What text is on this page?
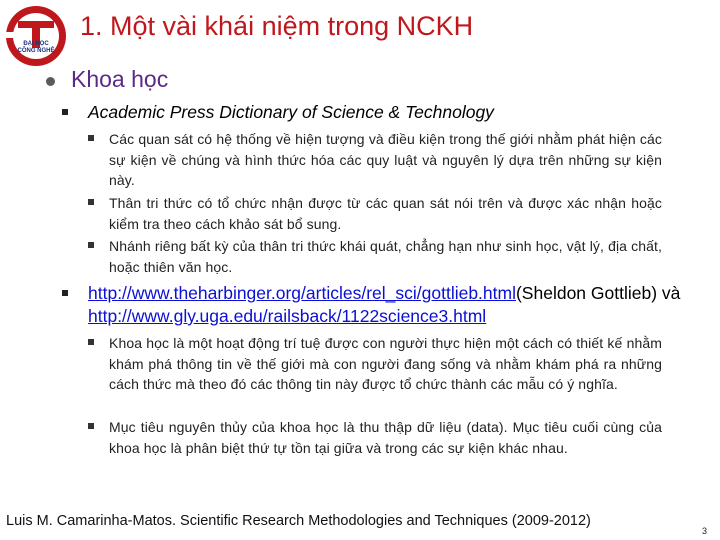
ĐẠI HỌC
CÔNG NGHỆ
1. Một vài khái niệm trong NCKH
Khoa học
Academic Press Dictionary of Science & Technology
Các quan sát có hệ thống về hiện tượng và điều kiện trong thế giới nhằm phát hiện các sự kiện về chúng và hình thức hóa các quy luật và nguyên lý dựa trên những sự kiện này.
Thân tri thức có tổ chức nhận được từ các quan sát nói trên và được xác nhận hoặc kiểm tra theo cách khảo sát bổ sung.
Nhánh riêng bất kỳ của thân tri thức khái quát, chẳng hạn như sinh học, vật lý, địa chất, hoặc thiên văn học.
http://www.theharbinger.org/articles/rel_sci/gottlieb.html(Sheldon Gottlieb) và http://www.gly.uga.edu/railsback/1122science3.html
Khoa học là một hoạt động trí tuệ được con người thực hiện một cách có thiết kế nhằm khám phá thông tin về thế giới mà con người đang sống và nhằm khám phá ra những cách thức mà theo đó các thông tin này được tổ chức thành các mẫu có ý nghĩa.
Mục tiêu nguyên thủy của khoa học là thu thập dữ liệu (data). Mục tiêu cuối cùng của khoa học là phân biệt thứ tự tồn tại giữa và trong các sự kiện khác nhau.
Luis M. Camarinha-Matos. Scientific Research Methodologies and Techniques (2009-2012)
3
